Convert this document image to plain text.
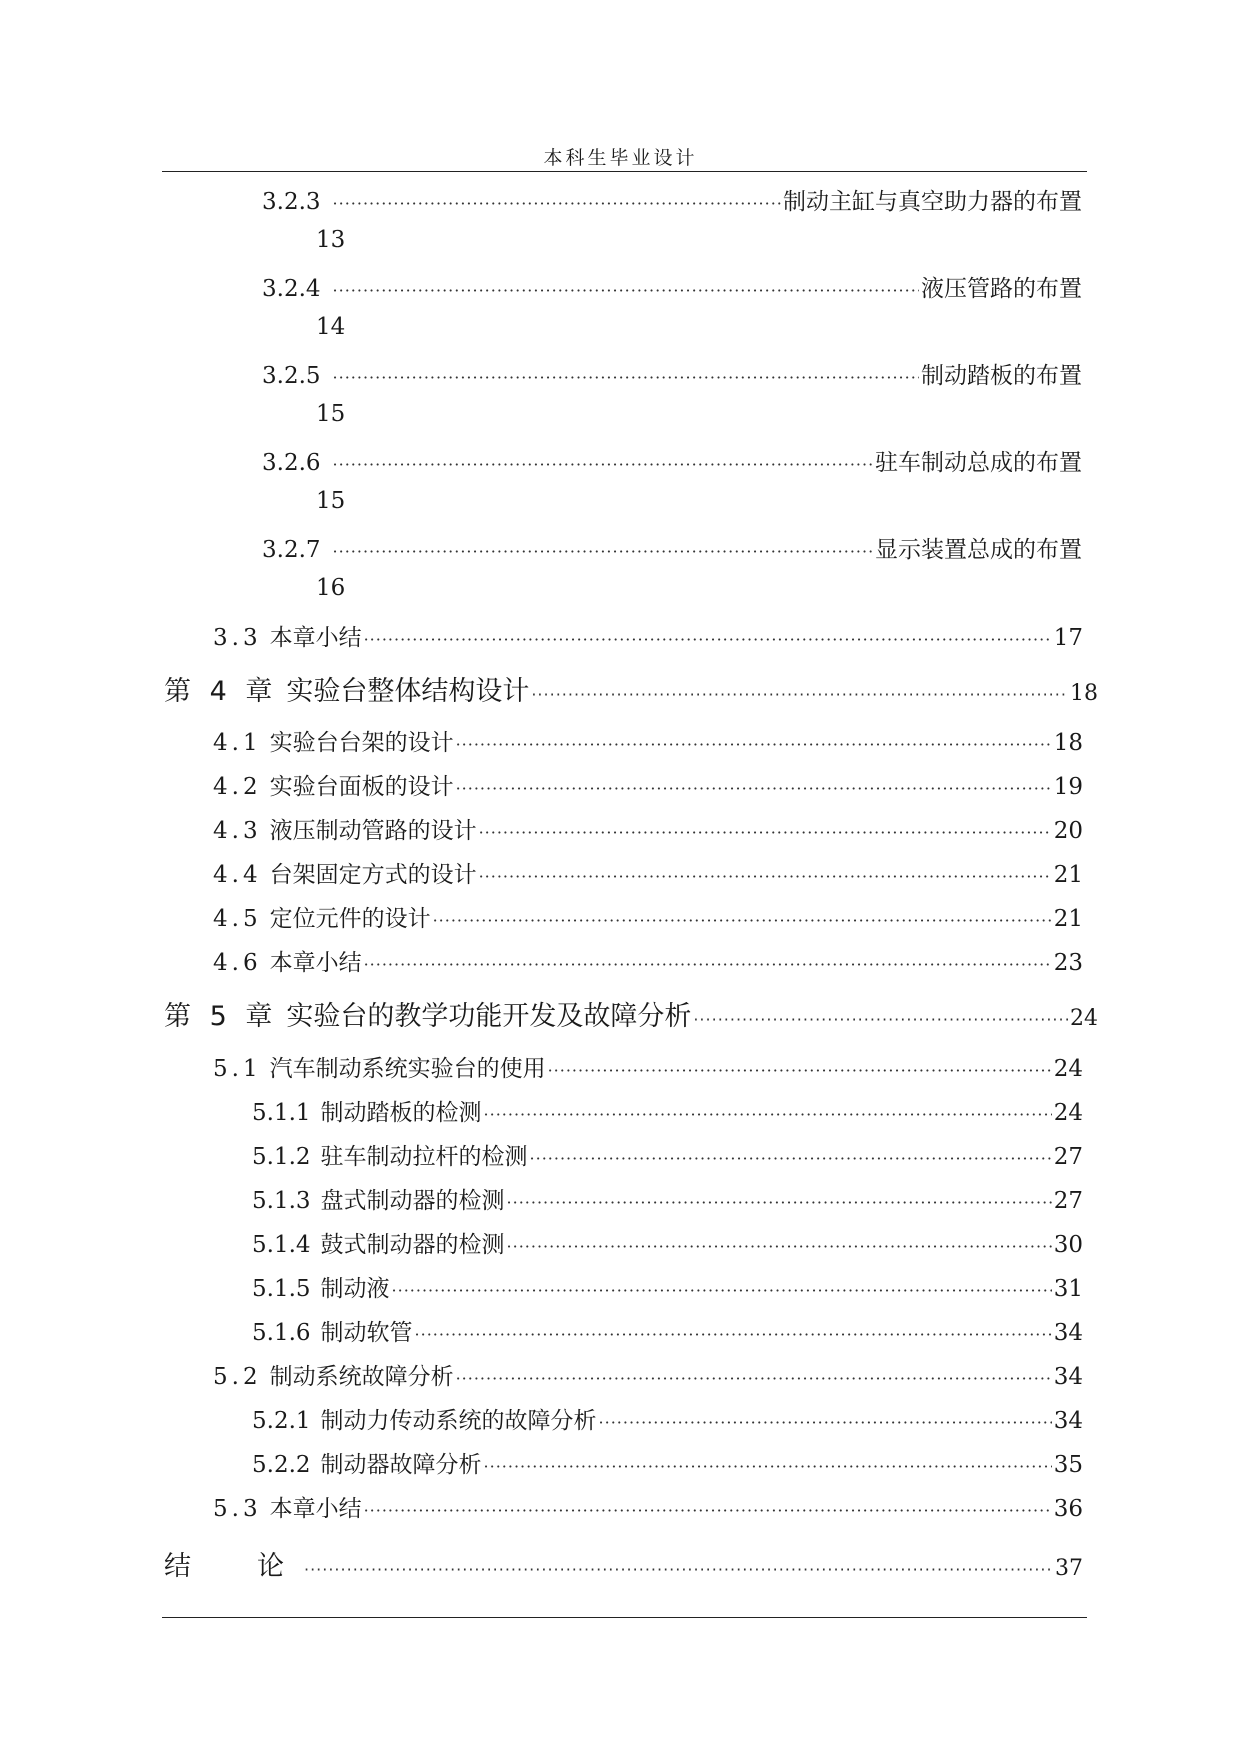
本科生毕业设计
3.2.3 ·····	制动主缸与真空助力器的布置
13
3.2.4 ·····	液压管路的布置
14
3.2.5 ·····	制动踏板的布置
15
3.2.6 ·····	驻车制动总成的布置
15
3.2.7 ·····	显示装置总成的布置
16
3.3 本章小结 ·····	17
第 4 章 实验台整体结构设计 ·····	18
4.1 实验台台架的设计 ·····	18
4.2 实验台面板的设计 ·····	19
4.3 液压制动管路的设计 ·····	20
4.4 台架固定方式的设计 ·····	21
4.5 定位元件的设计 ·····	21
4.6 本章小结 ·····	23
第 5 章 实验台的教学功能开发及故障分析 ·····	24
5.1 汽车制动系统实验台的使用 ·····	24
5.1.1 制动踏板的检测 ·····	24
5.1.2 驻车制动拉杆的检测 ·····	27
5.1.3 盘式制动器的检测 ·····	27
5.1.4 鼓式制动器的检测 ·····	30
5.1.5 制动液 ·····	31
5.1.6 制动软管 ·····	34
5.2 制动系统故障分析 ·····	34
5.2.1 制动力传动系统的故障分析 ·····	34
5.2.2 制动器故障分析 ·····	35
5.3 本章小结 ·····	36
结　　论 ·····	37
